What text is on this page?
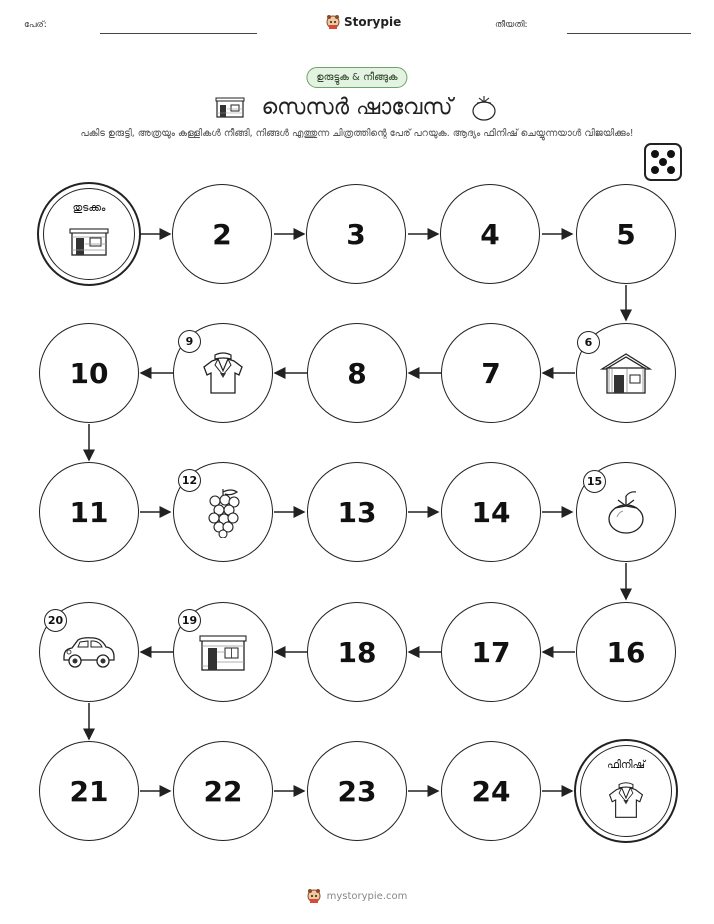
പേര്:	Storypie	തീയതി:
ഉരുട്ടുക & നീങ്ങുക
സെസർ ഷാവേസ്
പകിട ഉരുട്ടി, അത്രയും കള്ളികൾ നീങ്ങി, നിങ്ങൾ എത്തുന്ന ചിത്രത്തിന്റെ പേര് പറയുക. ആദ്യം ഫിനിഷ് ചെയ്യുന്നയാൾ വിജയിക്കും!
തുടക്കം
2	3	4	5
10	8	7
11	13	14
18	17	16
21	22	23	24
ഫിനിഷ്
6
9
12	15
19
20
mystorypie.com
